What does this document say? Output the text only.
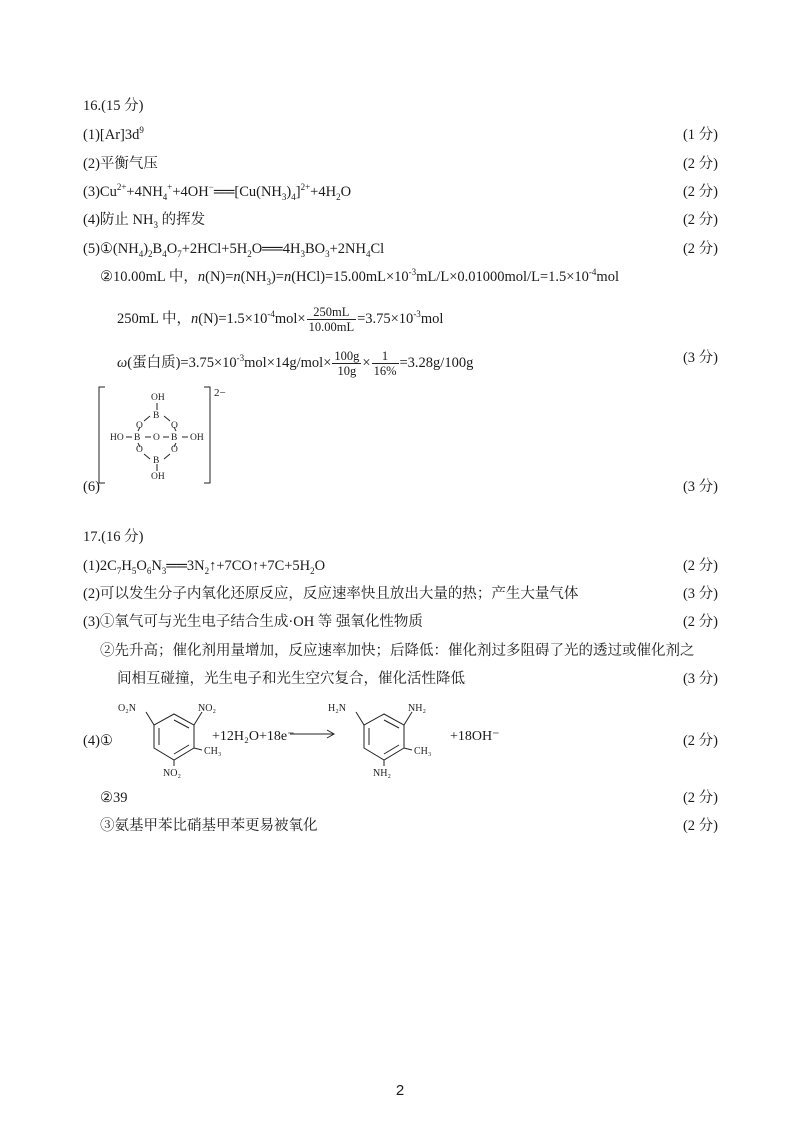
16.(15 分)
$(1)[Ar]3d^9$	(1 分)
(2)平衡气压	(2 分)
$(3)Cu^{2+}+4NH_4^++4OH^-══[Cu(NH_3)_4]^{2+}+4H_2O$	(2 分)
(4)防止 $NH_3$ 的挥发	(2 分)
$(5)①(NH_4)_2B_4O_7+2HCl+5H_2O══4H_3BO_3+2NH_4Cl$	(2 分)
②10.00mL 中，$n(N)=n(NH_3)=n(HCl)=15.00mL\times 10^{-3}mL/L\times 0.01000mol/L=1.5\times 10^{-4}mol$
250mL 中，$n(N)=1.5\times 10^{-4}mol\times \frac{250mL}{10.00mL} =3.75\times 10^{-3}mol$
ω(蛋白质)$=3.75\times 10^{-3}mol\times 14g/mol\times \frac{100g}{10g} \times \frac{1}{16\%} =3.28g/100g$	(3 分)
(6)	(3 分)
OH
B
O	O
HO B O B OH
O	O
B
OH
2−
17.(16 分)
$(1)2C_7H_5O_6N_3══3N_2↑+7CO↑+7C+5H_2O$	(2 分)
(2)可以发生分子内氧化还原反应，反应速率快且放出大量的热；产生大量气体	(3 分)
(3)①氧气可与光生电子结合生成·OH 等 强氧化性物质	(2 分)
②先升高；催化剂用量增加，反应速率加快；后降低：催化剂过多阻碍了光的透过或催化剂之
间相互碰撞，光生电子和光生空穴复合，催化活性降低	(3 分)
(4)①	(2 分)
O₂N	NO₂
CH₃
NO₂
H₂N	NH₂
CH₃
NH₂
+12H₂O+18e⁻	+18OH⁻
②39	(2 分)
③氨基甲苯比硝基甲苯更易被氧化	(2 分)
2
